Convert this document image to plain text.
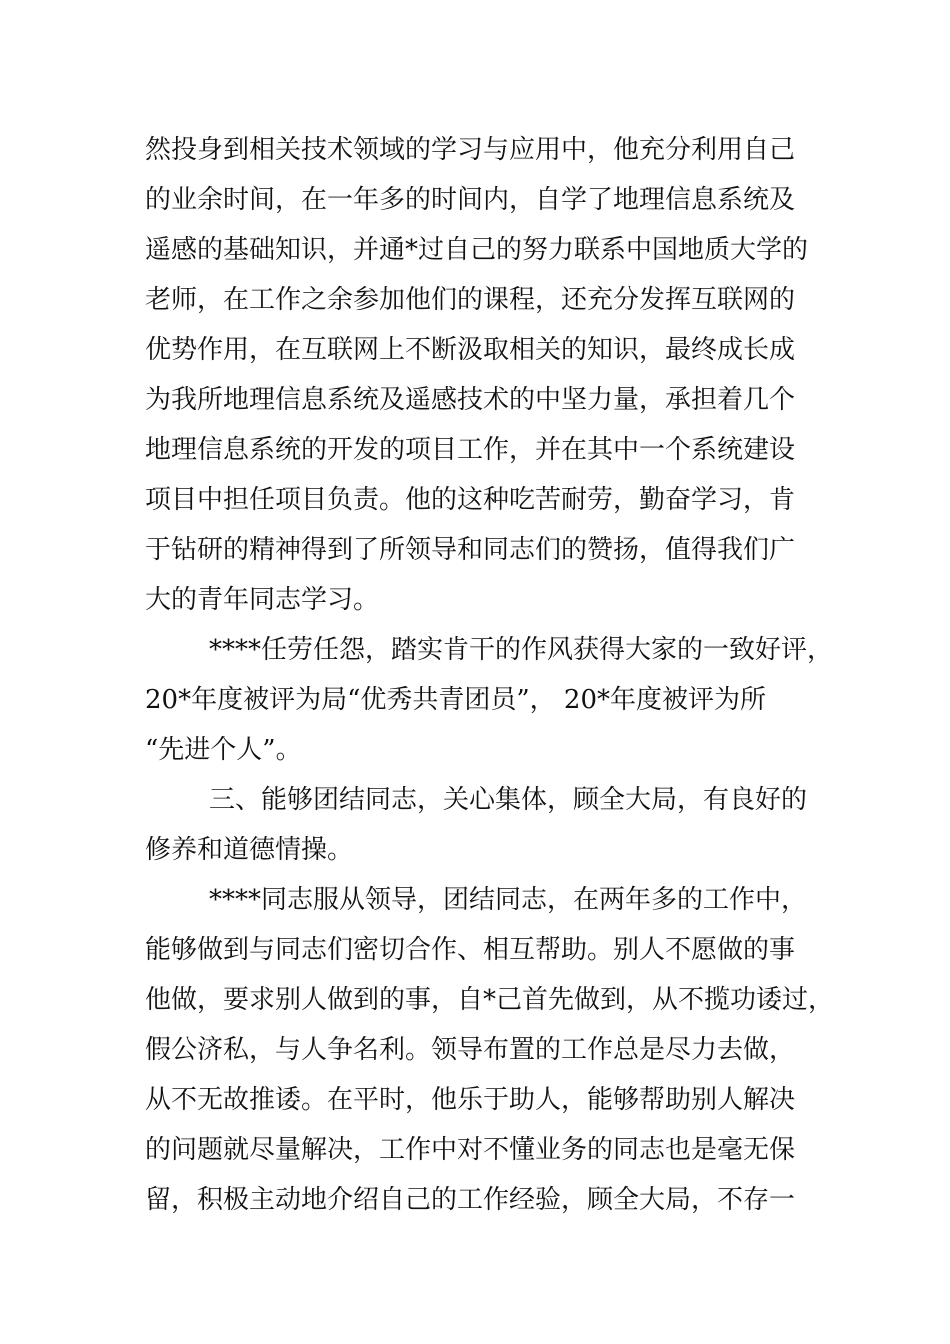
然投身到相关技术领域的学习与应用中，他充分利用自己
的业余时间，在一年多的时间内，自学了地理信息系统及
遥感的基础知识，并通*过自己的努力联系中国地质大学的
老师，在工作之余参加他们的课程，还充分发挥互联网的
优势作用，在互联网上不断汲取相关的知识，最终成长成
为我所地理信息系统及遥感技术的中坚力量，承担着几个
地理信息系统的开发的项目工作，并在其中一个系统建设
项目中担任项目负责。他的这种吃苦耐劳，勤奋学习，肯
于钻研的精神得到了所领导和同志们的赞扬，值得我们广
大的青年同志学习。
****任劳任怨，踏实肯干的作风获得大家的一致好评，
20*年度被评为局“优秀共青团员”， 20*年度被评为所
“先进个人”。
三、能够团结同志，关心集体，顾全大局，有良好的
修养和道德情操。
****同志服从领导，团结同志，在两年多的工作中，
能够做到与同志们密切合作、相互帮助。别人不愿做的事
他做，要求别人做到的事，自*己首先做到，从不揽功诿过，
假公济私，与人争名利。领导布置的工作总是尽力去做，
从不无故推诿。在平时，他乐于助人，能够帮助别人解决
的问题就尽量解决，工作中对不懂业务的同志也是毫无保
留，积极主动地介绍自己的工作经验，顾全大局，不存一
